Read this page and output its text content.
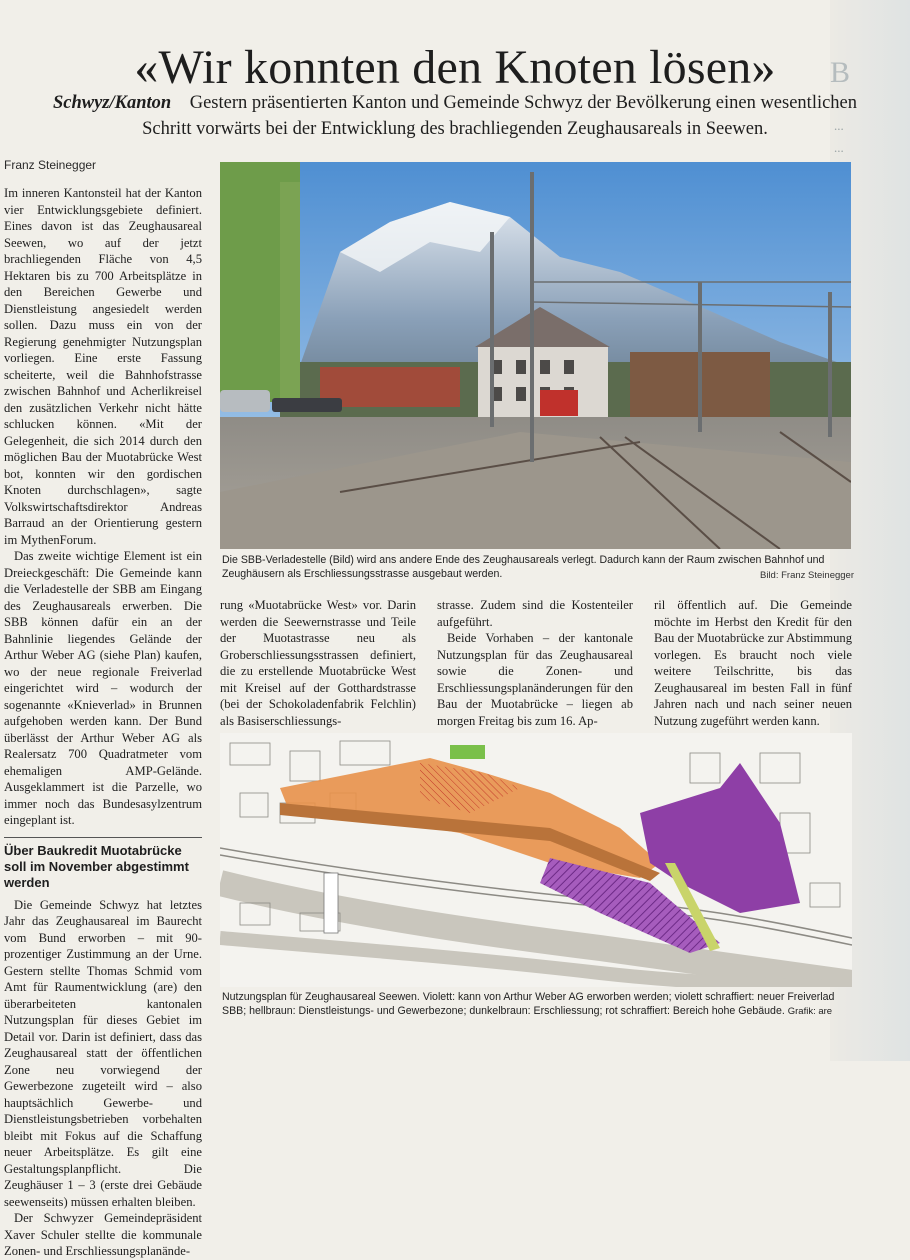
B
...
...
«Wir konnten den Knoten lösen»
Schwyz/Kanton Gestern präsentierten Kanton und Gemeinde Schwyz der Bevölkerung einen wesentlichen Schritt vorwärts bei der Entwicklung des brachliegenden Zeughausareals in Seewen.
Franz Steinegger

Im inneren Kantonsteil hat der Kanton vier Entwicklungsgebiete definiert. Eines davon ist das Zeughausareal Seewen, wo auf der jetzt brachliegenden Fläche von 4,5 Hektaren bis zu 700 Arbeitsplätze in den Bereichen Gewerbe und Dienstleistung angesiedelt werden sollen. Dazu muss ein von der Regierung genehmigter Nutzungsplan vorliegen. Eine erste Fassung scheiterte, weil die Bahnhofstrasse zwischen Bahnhof und Acherlikreisel den zusätzlichen Verkehr nicht hätte schlucken können. «Mit der Gelegenheit, die sich 2014 durch den möglichen Bau der Muotabrücke West bot, konnten wir den gordischen Knoten durchschlagen», sagte Volkswirtschaftsdirektor Andreas Barraud an der Orientierung gestern im MythenForum.

Das zweite wichtige Element ist ein Dreieckgeschäft: Die Gemeinde kann die Verladestelle der SBB am Eingang des Zeughausareals erwerben. Die SBB können dafür ein an der Bahnlinie liegendes Gelände der Arthur Weber AG (siehe Plan) kaufen, wo der neue regionale Freiverlad eingerichtet wird – wodurch der sogenannte «Knieverlad» in Brunnen aufgehoben werden kann. Der Bund überlässt der Arthur Weber AG als Realersatz 700 Quadratmeter vom ehemaligen AMP-Gelände. Ausgeklammert ist die Parzelle, wo immer noch das Bundesasylzentrum eingeplant ist.

Über Baukredit Muotabrücke soll im November abgestimmt werden

Die Gemeinde Schwyz hat letztes Jahr das Zeughausareal im Baurecht vom Bund erworben – mit 90-prozentiger Zustimmung an der Urne. Gestern stellte Thomas Schmid vom Amt für Raumentwicklung (are) den überarbeiteten kantonalen Nutzungsplan für dieses Gebiet im Detail vor. Darin ist definiert, dass das Zeughausareal statt der öffentlichen Zone neu vorwiegend der Gewerbezone zugeteilt wird – also hauptsächlich Gewerbe- und Dienstleistungsbetrieben vorbehalten bleibt mit Fokus auf die Schaffung neuer Arbeitsplätze. Es gilt eine Gestaltungsplanpflicht. Die Zeughäuser 1 – 3 (erste drei Gebäude seewenseits) müssen erhalten bleiben.

Der Schwyzer Gemeindepräsident Xaver Schuler stellte die kommunale Zonen- und Erschliessungsplanände-

Die SBB-Verladestelle (Bild) wird ans andere Ende des Zeughausareals verlegt. Dadurch kann der Raum zwischen Bahnhof und Zeughäusern als Erschliessungsstrasse ausgebaut werden.	Bild: Franz Steinegger

rung «Muotabrücke West» vor. Darin werden die Seewernstrasse und Teile der Muotastrasse neu als Groberschliessungsstrassen definiert, die zu erstellende Muotabrücke West mit Kreisel auf der Gotthardstrasse (bei der Schokoladenfabrik Felchlin) als Basiserschliessungs-

strasse. Zudem sind die Kostenteiler aufgeführt.

Beide Vorhaben – der kantonale Nutzungsplan für das Zeughausareal sowie die Zonen- und Erschliessungsplanänderungen für den Bau der Muotabrücke – liegen ab morgen Freitag bis zum 16. Ap-

ril öffentlich auf. Die Gemeinde möchte im Herbst den Kredit für den Bau der Muotabrücke zur Abstimmung vorlegen. Es braucht noch viele weitere Teilschritte, bis das Zeughausareal im besten Fall in fünf Jahren nach und nach seiner neuen Nutzung zugeführt werden kann.

Nutzungsplan für Zeughausareal Seewen. Violett: kann von Arthur Weber AG erworben werden; violett schraffiert: neuer Freiverlad SBB; hellbraun: Dienstleistungs- und Gewerbezone; dunkelbraun: Erschliessung; rot schraffiert: Bereich hohe Gebäude. Grafik: are
